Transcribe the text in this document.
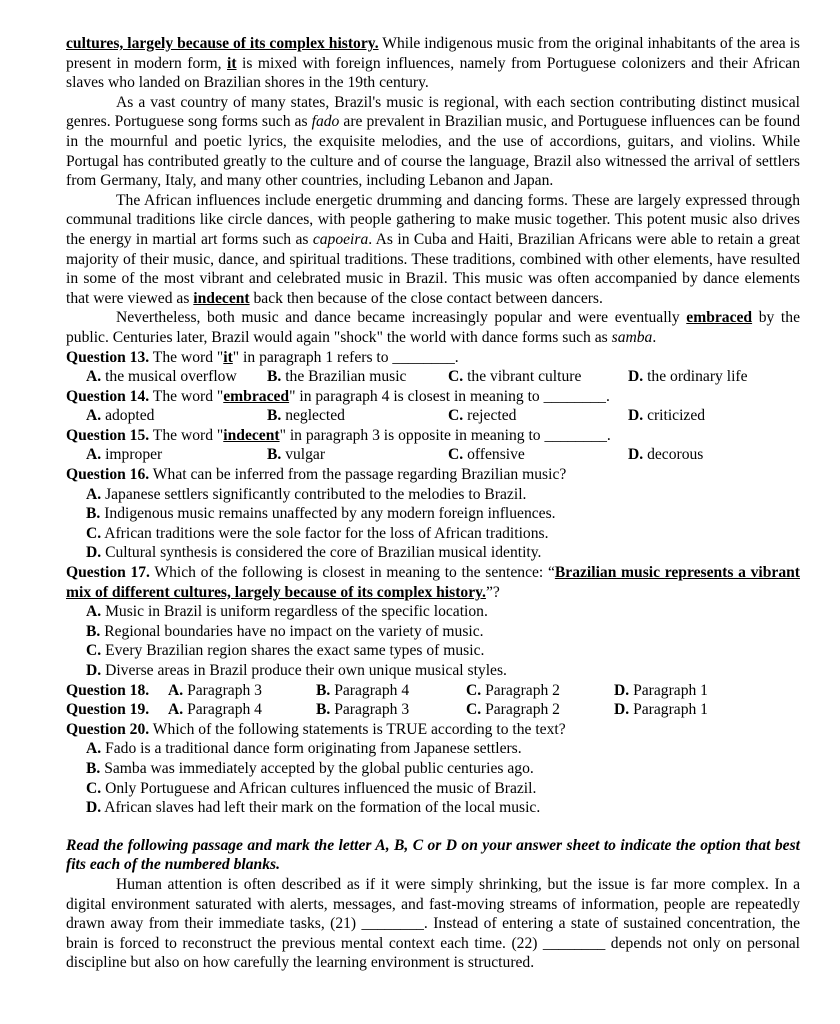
cultures, largely because of its complex history. While indigenous music from the original inhabitants of the area is present in modern form, it is mixed with foreign influences, namely from Portuguese colonizers and their African slaves who landed on Brazilian shores in the 19th century.

As a vast country of many states, Brazil's music is regional, with each section contributing distinct musical genres. Portuguese song forms such as fado are prevalent in Brazilian music, and Portuguese influences can be found in the mournful and poetic lyrics, the exquisite melodies, and the use of accordions, guitars, and violins. While Portugal has contributed greatly to the culture and of course the language, Brazil also witnessed the arrival of settlers from Germany, Italy, and many other countries, including Lebanon and Japan.

The African influences include energetic drumming and dancing forms. These are largely expressed through communal traditions like circle dances, with people gathering to make music together. This potent music also drives the energy in martial art forms such as capoeira. As in Cuba and Haiti, Brazilian Africans were able to retain a great majority of their music, dance, and spiritual traditions. These traditions, combined with other elements, have resulted in some of the most vibrant and celebrated music in Brazil. This music was often accompanied by dance elements that were viewed as indecent back then because of the close contact between dancers.

Nevertheless, both music and dance became increasingly popular and were eventually embraced by the public. Centuries later, Brazil would again "shock" the world with dance forms such as samba.

Question 13. The word "it" in paragraph 1 refers to ________.
A. the musical overflow	B. the Brazilian music	C. the vibrant culture	D. the ordinary life
Question 14. The word "embraced" in paragraph 4 is closest in meaning to ________.
A. adopted	B. neglected	C. rejected	D. criticized
Question 15. The word "indecent" in paragraph 3 is opposite in meaning to ________.
A. improper	B. vulgar	C. offensive	D. decorous
Question 16. What can be inferred from the passage regarding Brazilian music?
A. Japanese settlers significantly contributed to the melodies to Brazil.
B. Indigenous music remains unaffected by any modern foreign influences.
C. African traditions were the sole factor for the loss of African traditions.
D. Cultural synthesis is considered the core of Brazilian musical identity.

Question 17. Which of the following is closest in meaning to the sentence: “Brazilian music represents a vibrant mix of different cultures, largely because of its complex history.”?

A. Music in Brazil is uniform regardless of the specific location.
B. Regional boundaries have no impact on the variety of music.
C. Every Brazilian region shares the exact same types of music.
D. Diverse areas in Brazil produce their own unique musical styles.
Question 18.	A. Paragraph 3	B. Paragraph 4	C. Paragraph 2	D. Paragraph 1
Question 19.	A. Paragraph 4	B. Paragraph 3	C. Paragraph 2	D. Paragraph 1
Question 20. Which of the following statements is TRUE according to the text?
A. Fado is a traditional dance form originating from Japanese settlers.
B. Samba was immediately accepted by the global public centuries ago.
C. Only Portuguese and African cultures influenced the music of Brazil.
D. African slaves had left their mark on the formation of the local music.

Read the following passage and mark the letter A, B, C or D on your answer sheet to indicate the option that best fits each of the numbered blanks.

Human attention is often described as if it were simply shrinking, but the issue is far more complex. In a digital environment saturated with alerts, messages, and fast-moving streams of information, people are repeatedly drawn away from their immediate tasks, (21) ________. Instead of entering a state of sustained concentration, the brain is forced to reconstruct the previous mental context each time. (22) ________ depends not only on personal discipline but also on how carefully the learning environment is structured.
